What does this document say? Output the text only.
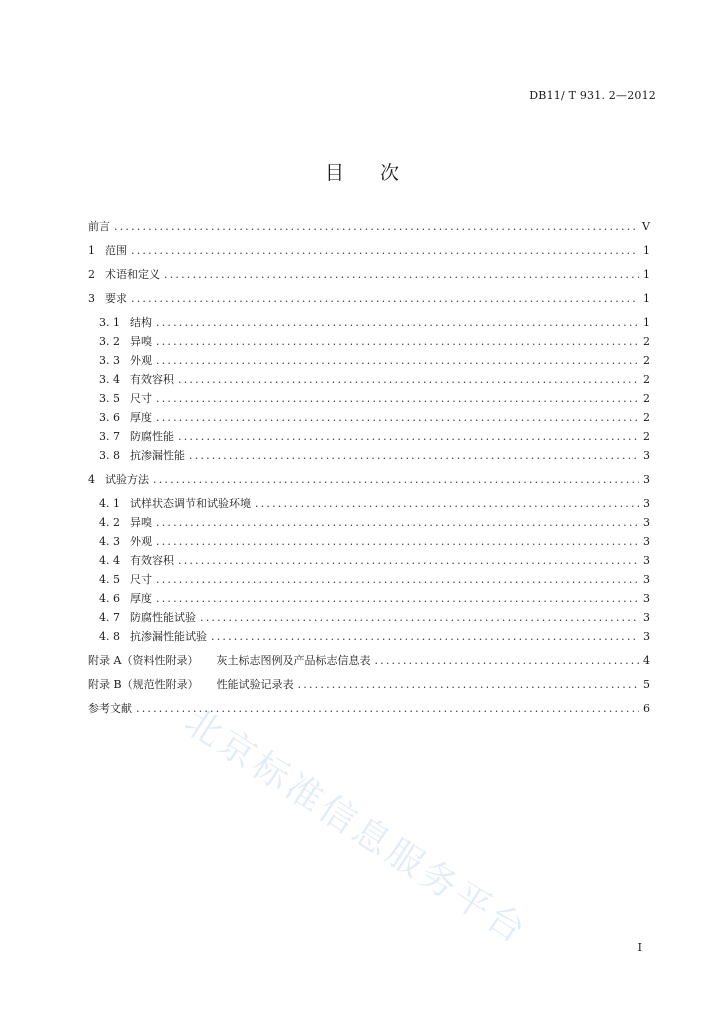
DB11/ T 931. 2—2012
目 次
前言 .....	V
1 范围 .....	1
2 术语和定义 .....	1
3 要求 .....	1
3. 1 结构 .....	1
3. 2 异嗅 .....	2
3. 3 外观 .....	2
3. 4 有效容积 .....	2
3. 5 尺寸 .....	2
3. 6 厚度 .....	2
3. 7 防腐性能 .....	2
3. 8 抗渗漏性能 .....	3
4 试验方法 .....	3
4. 1 试样状态调节和试验环境 .....	3
4. 2 异嗅 .....	3
4. 3 外观 .....	3
4. 4 有效容积 .....	3
4. 5 尺寸 .....	3
4. 6 厚度 .....	3
4. 7 防腐性能试验 .....	3
4. 8 抗渗漏性能试验 .....	3
附录 A（资料性附录） 灰土标志图例及产品标志信息表 .....	4
附录 B（规范性附录） 性能试验记录表 .....	5
参考文献 .....	6
北京标准信息服务平台	I
